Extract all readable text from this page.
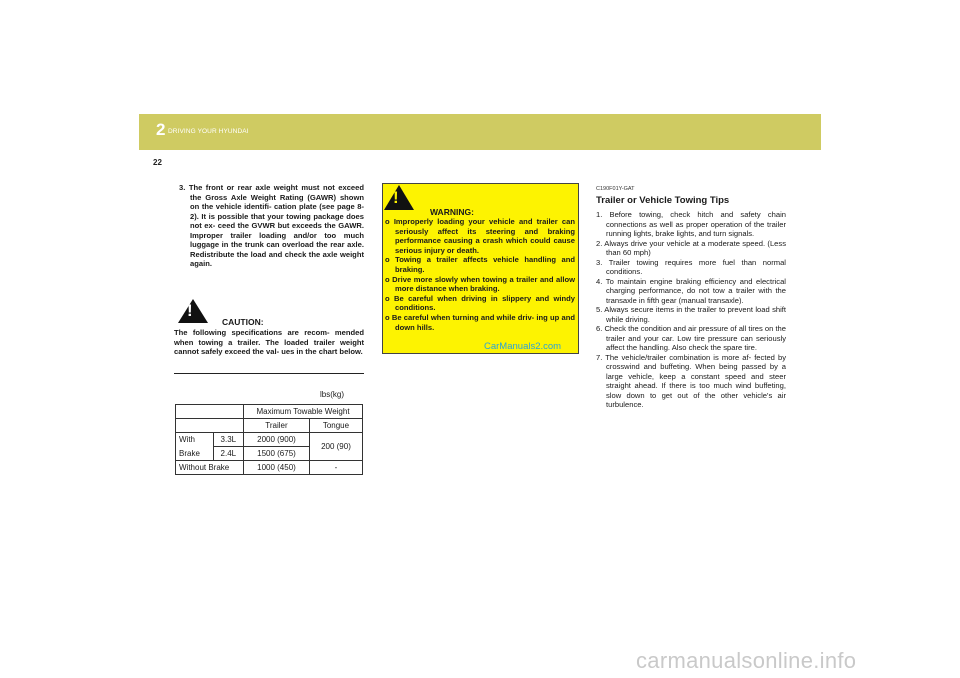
2 DRIVING YOUR HYUNDAI
22

3. The front or rear axle weight must not exceed the Gross Axle Weight Rating (GAWR) shown on the vehicle identifi- cation plate (see page 8-2). It is possible that your towing package does not ex- ceed the GVWR but exceeds the GAWR. Improper trailer loading and/or too much luggage in the trunk can overload the rear axle. Redistribute the load and check the axle weight again.

!
CAUTION:
The following specifications are recom- mended when towing a trailer. The loaded trailer weight cannot safely exceed the val- ues in the chart below.
lbs(kg)
		Maximum Towable Weight	
		Trailer	Tongue
With	3.3L	2000 (900)	200 (90)
Brake	2.4L	1500 (675)	
Without Brake		1000 (450)	-
!
WARNING:
o Improperly loading your vehicle and trailer can seriously affect its steering and braking performance causing a crash which could cause serious injury or death.
o Towing a trailer affects vehicle handling and braking.
o Drive more slowly when towing a trailer and allow more distance when braking.
o Be careful when driving in slippery and windy conditions.
o Be careful when turning and while driv- ing up and down hills.
CarManuals2.com
C190F01Y-GAT
Trailer or Vehicle Towing Tips
1. Before towing, check hitch and safety chain connections as well as proper operation of the trailer running lights, brake lights, and turn signals.
2. Always drive your vehicle at a moderate speed. (Less than 60 mph)
3. Trailer towing requires more fuel than normal conditions.
4. To maintain engine braking efficiency and electrical charging performance, do not tow a trailer with the transaxle in fifth gear (manual transaxle).
5. Always secure items in the trailer to prevent load shift while driving.
6. Check the condition and air pressure of all tires on the trailer and your car. Low tire pressure can seriously affect the handling. Also check the spare tire.
7. The vehicle/trailer combination is more af- fected by crosswind and buffeting. When being passed by a large vehicle, keep a constant speed and steer straight ahead. If there is too much wind buffeting, slow down to get out of the other vehicle's air turbulence.
carmanualsonline.info
